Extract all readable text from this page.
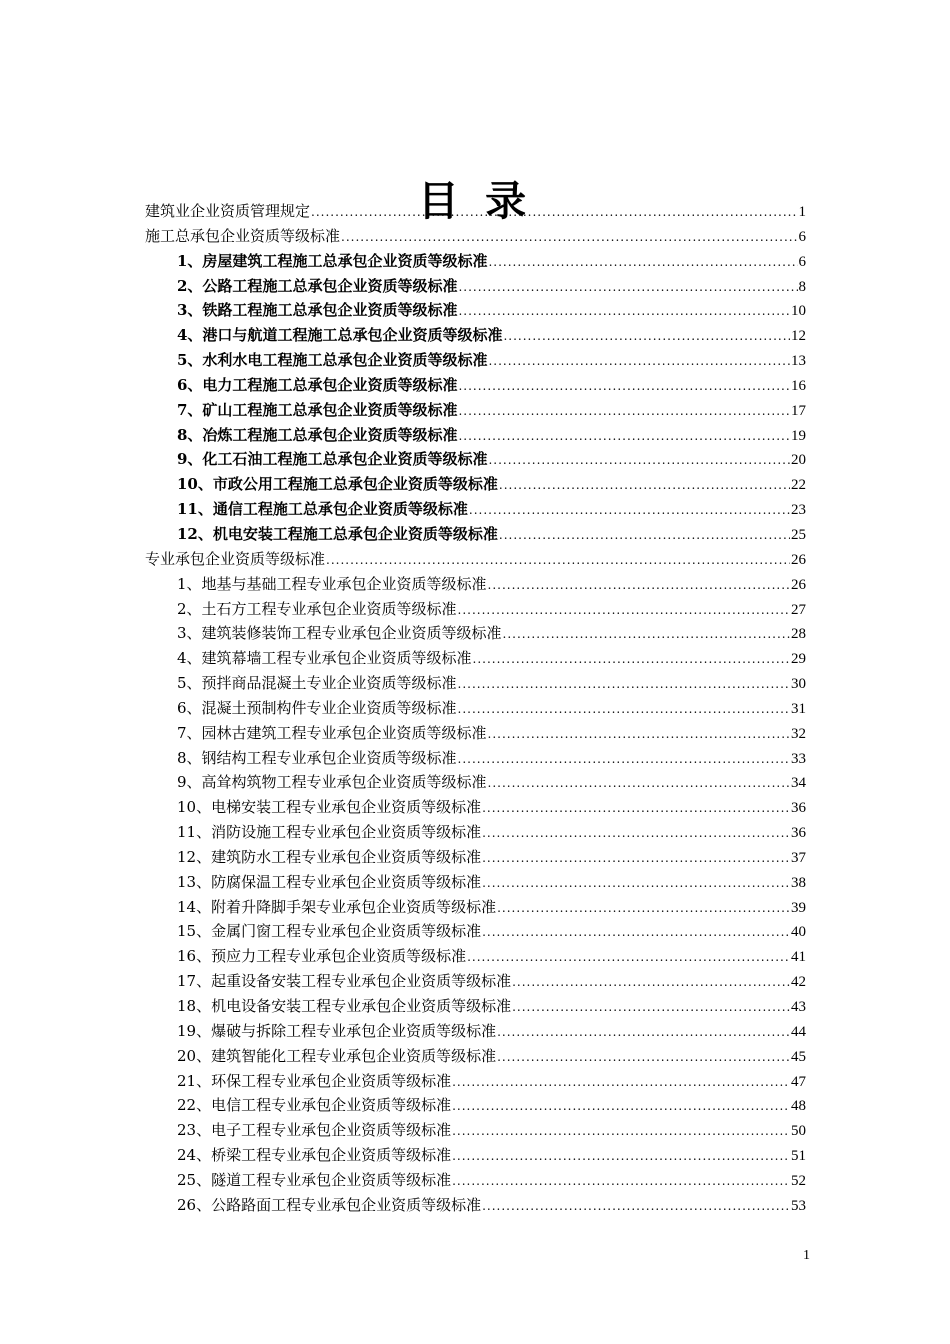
目 录
建筑业企业资质管理规定 .....	1
施工总承包企业资质等级标准 .....	6
1、房屋建筑工程施工总承包企业资质等级标准 .....	6
2、公路工程施工总承包企业资质等级标准 .....	8
3、铁路工程施工总承包企业资质等级标准 .....	10
4、港口与航道工程施工总承包企业资质等级标准 .....	12
5、水利水电工程施工总承包企业资质等级标准 .....	13
6、电力工程施工总承包企业资质等级标准 .....	16
7、矿山工程施工总承包企业资质等级标准 .....	17
8、冶炼工程施工总承包企业资质等级标准 .....	19
9、化工石油工程施工总承包企业资质等级标准 .....	20
10、市政公用工程施工总承包企业资质等级标准 .....	22
11、通信工程施工总承包企业资质等级标准 .....	23
12、机电安装工程施工总承包企业资质等级标准 .....	25
专业承包企业资质等级标准 .....	26
1、地基与基础工程专业承包企业资质等级标准 .....	26
2、土石方工程专业承包企业资质等级标准 .....	27
3、建筑装修装饰工程专业承包企业资质等级标准 .....	28
4、建筑幕墙工程专业承包企业资质等级标准 .....	29
5、预拌商品混凝土专业企业资质等级标准 .....	30
6、混凝土预制构件专业企业资质等级标准 .....	31
7、园林古建筑工程专业承包企业资质等级标准 .....	32
8、钢结构工程专业承包企业资质等级标准 .....	33
9、高耸构筑物工程专业承包企业资质等级标准 .....	34
10、电梯安装工程专业承包企业资质等级标准 .....	36
11、消防设施工程专业承包企业资质等级标准 .....	36
12、建筑防水工程专业承包企业资质等级标准 .....	37
13、防腐保温工程专业承包企业资质等级标准 .....	38
14、附着升降脚手架专业承包企业资质等级标准 .....	39
15、金属门窗工程专业承包企业资质等级标准 .....	40
16、预应力工程专业承包企业资质等级标准 .....	41
17、起重设备安装工程专业承包企业资质等级标准 .....	42
18、机电设备安装工程专业承包企业资质等级标准 .....	43
19、爆破与拆除工程专业承包企业资质等级标准 .....	44
20、建筑智能化工程专业承包企业资质等级标准 .....	45
21、环保工程专业承包企业资质等级标准 .....	47
22、电信工程专业承包企业资质等级标准 .....	48
23、电子工程专业承包企业资质等级标准 .....	50
24、桥梁工程专业承包企业资质等级标准 .....	51
25、隧道工程专业承包企业资质等级标准 .....	52
26、公路路面工程专业承包企业资质等级标准 .....	53
1
